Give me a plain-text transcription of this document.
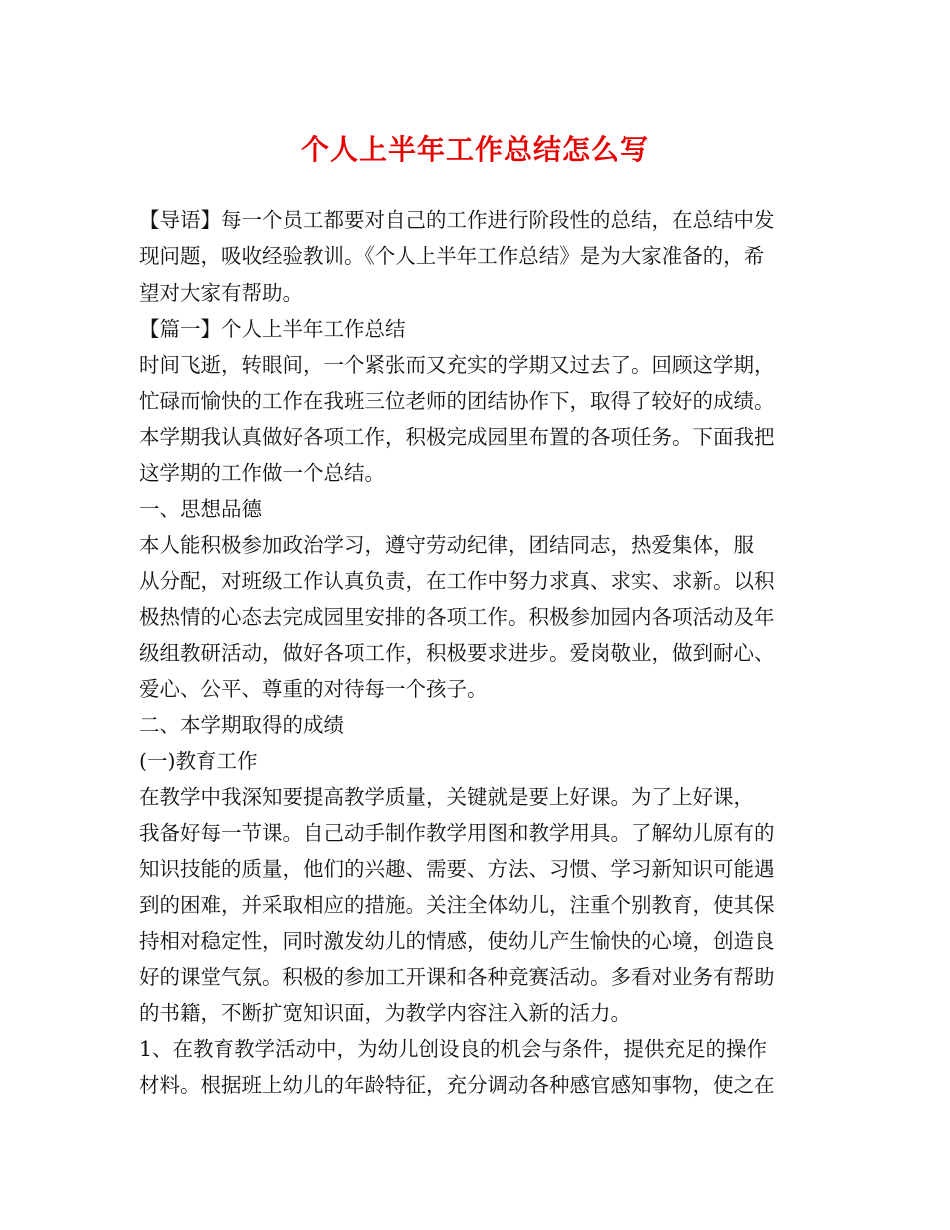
个人上半年工作总结怎么写
【导语】每一个员工都要对自己的工作进行阶段性的总结，在总结中发
现问题，吸收经验教训。《个人上半年工作总结》是为大家准备的，希
望对大家有帮助。
【篇一】个人上半年工作总结
时间飞逝，转眼间，一个紧张而又充实的学期又过去了。回顾这学期，
忙碌而愉快的工作在我班三位老师的团结协作下，取得了较好的成绩。
本学期我认真做好各项工作，积极完成园里布置的各项任务。下面我把
这学期的工作做一个总结。
一、思想品德
本人能积极参加政治学习，遵守劳动纪律，团结同志，热爱集体，服
从分配，对班级工作认真负责，在工作中努力求真、求实、求新。以积
极热情的心态去完成园里安排的各项工作。积极参加园内各项活动及年
级组教研活动，做好各项工作，积极要求进步。爱岗敬业，做到耐心、
爱心、公平、尊重的对待每一个孩子。
二、本学期取得的成绩
(一)教育工作
在教学中我深知要提高教学质量，关键就是要上好课。为了上好课，
我备好每一节课。自己动手制作教学用图和教学用具。了解幼儿原有的
知识技能的质量，他们的兴趣、需要、方法、习惯、学习新知识可能遇
到的困难，并采取相应的措施。关注全体幼儿，注重个别教育，使其保
持相对稳定性，同时激发幼儿的情感，使幼儿产生愉快的心境，创造良
好的课堂气氛。积极的参加工开课和各种竞赛活动。多看对业务有帮助
的书籍，不断扩宽知识面，为教学内容注入新的活力。
1、在教育教学活动中，为幼儿创设良的机会与条件，提供充足的操作
材料。根据班上幼儿的年龄特征，充分调动各种感官感知事物，使之在
